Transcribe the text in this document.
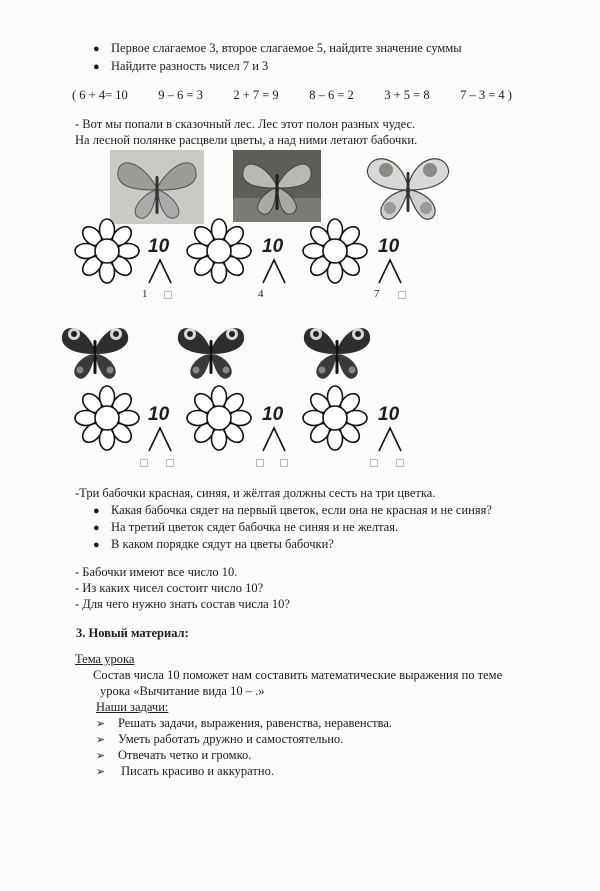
● Первое слагаемое 3, второе слагаемое 5, найдите значение суммы
● Найдите разность чисел 7 и 3
( 6 + 4= 10 9 – 6 = 3 2 + 7 = 9 8 – 6 = 2 3 + 5 = 8 7 – 3 = 4 )
- Вот мы попали в сказочный лес. Лес этот полон разных чудес.
На лесной полянке расцвели цветы, а над ними летают бабочки.
10	10	10
1	4	7
10	10	10
-Три бабочки красная, синяя, и жёлтая должны сесть на три цветка.
● Какая бабочка сядет на первый цветок, если она не красная и не синяя?
● На третий цветок сядет бабочка не синяя и не желтая.
● В каком порядке сядут на цветы бабочки?
- Бабочки имеют все число 10.
- Из каких чисел состоит число 10?
- Для чего нужно знать состав числа 10?
3. Новый материал:
Тема урока
Состав числа 10 поможет нам составить математические выражения по теме
урока «Вычитание вида 10 – .»
Наши задачи:
➢ Решать задачи, выражения, равенства, неравенства.
➢ Уметь работать дружно и самостоятельно.
➢ Отвечать четко и громко.
➢ Писать красиво и аккуратно.
